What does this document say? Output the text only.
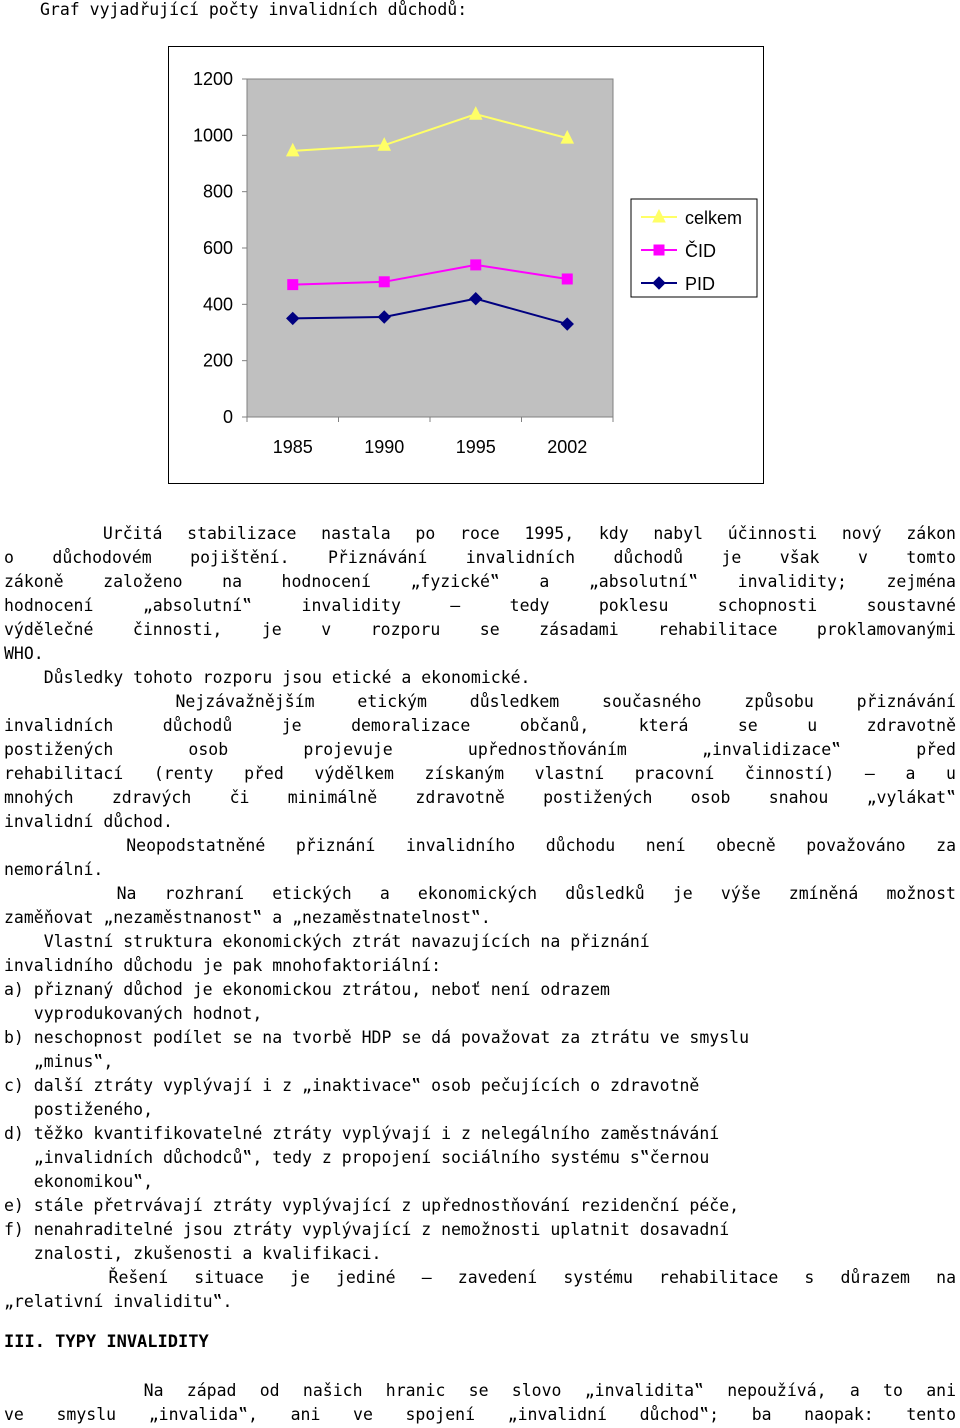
Graf vyjadřující počty invalidních důchodů:
0
200
400
600
800
1000
1200
1985	1990	1995	2002
celkem
ČID
PID
Určitá stabilizace nastala po roce 1995, kdy nabyl účinnosti nový zákon
o důchodovém pojištění. Přiznávání invalidních důchodů je však v tomto
zákoně založeno na hodnocení „fyzické‟ a „absolutní‟ invalidity; zejména
hodnocení „absolutní‟ invalidity – tedy poklesu schopnosti soustavné
výdělečné činnosti, je v rozporu se zásadami rehabilitace proklamovanými
WHO.
Důsledky tohoto rozporu jsou etické a ekonomické.
Nejzávažnějším etickým důsledkem současného způsobu přiznávání
invalidních důchodů je demoralizace občanů, která se u zdravotně
postižených osob projevuje upřednostňováním „invalidizace‟ před
rehabilitací (renty před výdělkem získaným vlastní pracovní činností) – a u
mnohých zdravých či minimálně zdravotně postižených osob snahou „vylákat‟
invalidní důchod.
Neopodstatněné přiznání invalidního důchodu není obecně považováno za
nemorální.
Na rozhraní etických a ekonomických důsledků je výše zmíněná možnost
zaměňovat „nezaměstnanost‟ a „nezaměstnatelnost‟.
Vlastní struktura ekonomických ztrát navazujících na přiznání
invalidního důchodu je pak mnohofaktoriální:
a) přiznaný důchod je ekonomickou ztrátou, neboť není odrazem
vyprodukovaných hodnot,
b) neschopnost podílet se na tvorbě HDP se dá považovat za ztrátu ve smyslu
„minus‟,
c) další ztráty vyplývají i z „inaktivace‟ osob pečujících o zdravotně
postiženého,
d) těžko kvantifikovatelné ztráty vyplývají i z nelegálního zaměstnávání
„invalidních důchodců‟, tedy z propojení sociálního systému s‟černou
ekonomikou‟,
e) stále přetrvávají ztráty vyplývající z upřednostňování rezidenční péče,
f) nenahraditelné jsou ztráty vyplývající z nemožnosti uplatnit dosavadní
znalosti, zkušenosti a kvalifikaci.
Řešení situace je jediné – zavedení systému rehabilitace s důrazem na
„relativní invaliditu‟.
III. TYPY INVALIDITY
Na západ od našich hranic se slovo „invalidita‟ nepoužívá, a to ani
ve smyslu „invalida‟, ani ve spojení „invalidní důchod‟; ba naopak: tento
